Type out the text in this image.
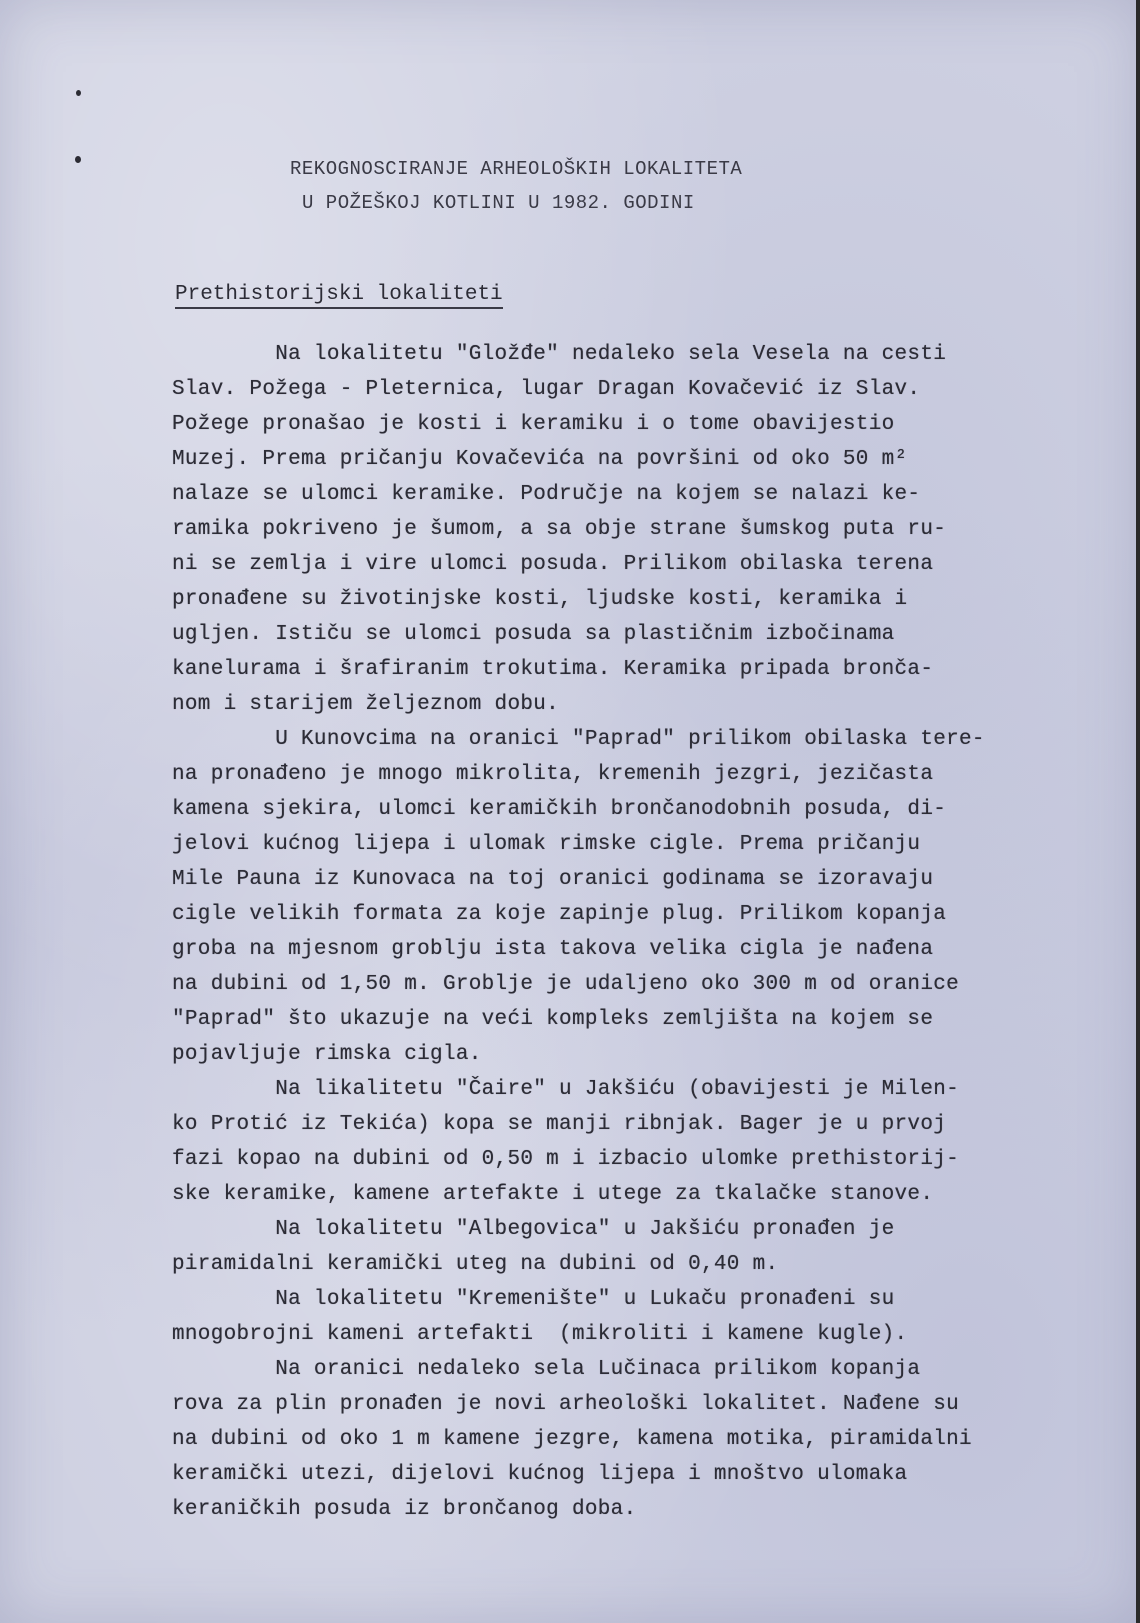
REKOGNOSCIRANJE ARHEOLOŠKIH LOKALITETA
U POŽEŠKOJ KOTLINI U 1982. GODINI
Prethistorijski lokaliteti
Na lokalitetu "Gložđe" nedaleko sela Vesela na cesti
Slav. Požega - Pleternica, lugar Dragan Kovačević iz Slav.
Požege pronašao je kosti i keramiku i o tome obavijestio
Muzej. Prema pričanju Kovačevića na površini od oko 50 m²
nalaze se ulomci keramike. Područje na kojem se nalazi ke-
ramika pokriveno je šumom, a sa obje strane šumskog puta ru-
ni se zemlja i vire ulomci posuda. Prilikom obilaska terena
pronađene su životinjske kosti, ljudske kosti, keramika i
ugljen. Ističu se ulomci posuda sa plastičnim izbočinama
kanelurama i šrafiranim trokutima. Keramika pripada bronča-
nom i starijem željeznom dobu.
U Kunovcima na oranici "Paprad" prilikom obilaska tere-
na pronađeno je mnogo mikrolita, kremenih jezgri, jezičasta
kamena sjekira, ulomci keramičkih brončanodobnih posuda, di-
jelovi kućnog lijepa i ulomak rimske cigle. Prema pričanju
Mile Pauna iz Kunovaca na toj oranici godinama se izoravaju
cigle velikih formata za koje zapinje plug. Prilikom kopanja
groba na mjesnom groblju ista takova velika cigla je nađena
na dubini od 1,50 m. Groblje je udaljeno oko 300 m od oranice
"Paprad" što ukazuje na veći kompleks zemljišta na kojem se
pojavljuje rimska cigla.
Na likalitetu "Čaire" u Jakšiću (obavijesti je Milen-
ko Protić iz Tekića) kopa se manji ribnjak. Bager je u prvoj
fazi kopao na dubini od 0,50 m i izbacio ulomke prethistorij-
ske keramike, kamene artefakte i utege za tkalačke stanove.
Na lokalitetu "Albegovica" u Jakšiću pronađen je
piramidalni keramički uteg na dubini od 0,40 m.
Na lokalitetu "Kremenište" u Lukaču pronađeni su
mnogobrojni kameni artefakti  (mikroliti i kamene kugle).
Na oranici nedaleko sela Lučinaca prilikom kopanja
rova za plin pronađen je novi arheološki lokalitet. Nađene su
na dubini od oko 1 m kamene jezgre, kamena motika, piramidalni
keramički utezi, dijelovi kućnog lijepa i mnoštvo ulomaka
keraničkih posuda iz brončanog doba.
